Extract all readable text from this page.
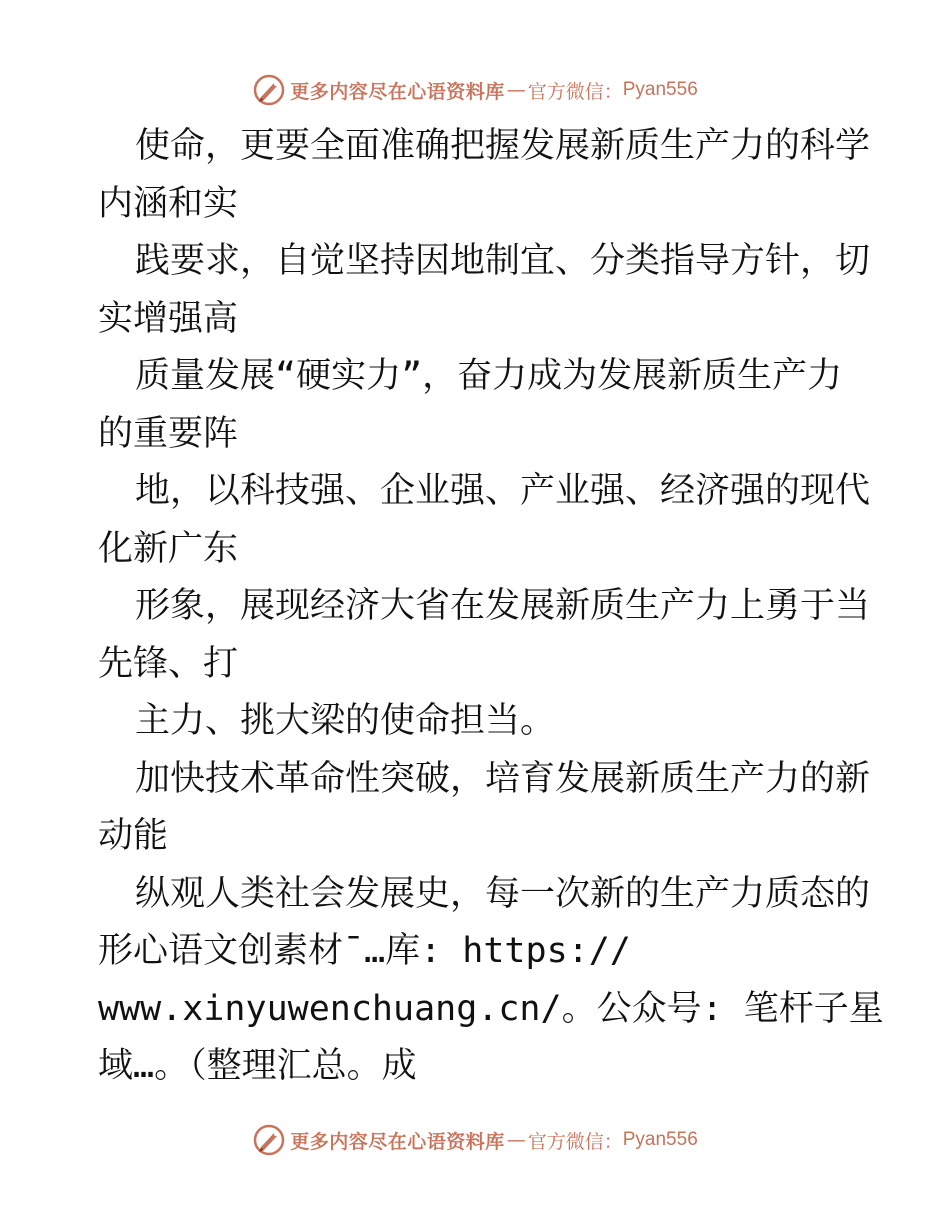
更多内容尽在心语资料库 — 官方微信： Pyan556
使命，更要全面准确把握发展新质生产力的科学
内涵和实
践要求，自觉坚持因地制宜、分类指导方针，切
实增强高
质量发展“硬实力”，奋力成为发展新质生产力
的重要阵
地，以科技强、企业强、产业强、经济强的现代
化新广东
形象，展现经济大省在发展新质生产力上勇于当
先锋、打
主力、挑大梁的使命担当。
加快技术革命性突破，培育发展新质生产力的新
动能
纵观人类社会发展史，每一次新的生产力质态的
形心语文创素材¯…库: https://
www.xinyuwenchuang.cn/。公众号: 笔杆子星
域…。（整理汇总。成
更多内容尽在心语资料库 — 官方微信： Pyan556
